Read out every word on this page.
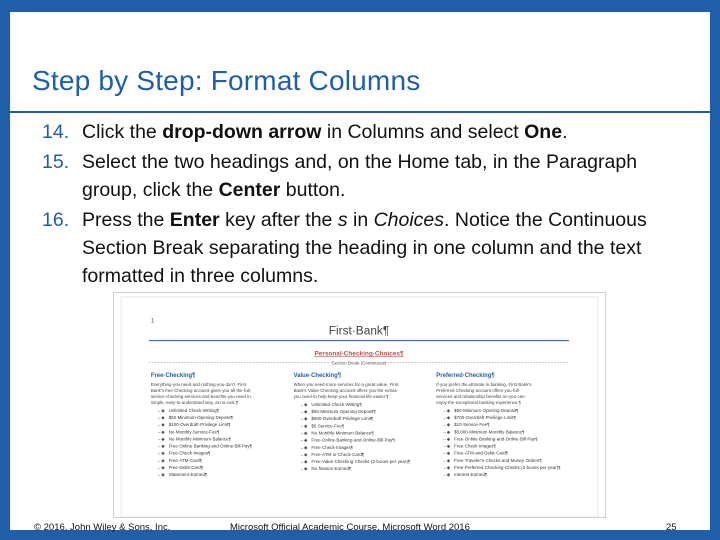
Step by Step: Format Columns
14. Click the drop-down arrow in Columns and select One.
15. Select the two headings and, on the Home tab, in the Paragraph group, click the Center button.
16. Press the Enter key after the s in Choices. Notice the Continuous Section Break separating the heading in one column and the text formatted in three columns.
1
First·Bank¶
Personal·Checking·Choices¶
Section Break (Continuous)
Free·Checking¶
Everything·you·need·and·nothing·you·don't.·First·
Bank's·free·Checking·account·gives·you·all·the·full-
service·checking·services·and·benefits·you·need·in·
simple,·easy-to-understand·way,·at·no·cost.¶
→◆ Unlimited·Check·Writing¶
→◆ $50·Minimum·Opening·Deposit¶
→◆ $100·Overdraft·Privilege·Limit¶
→◆ No·Monthly·Service·Fee¶
→◆ No·Monthly·Minimum·Balance¶
→◆ Free·Online·Banking·and·Online·Bill·Pay¶
→◆ Free·Check·Images¶
→◆ Free·ATM·Card¶
→◆ Free·Debit·Card¶
→◆ Statement·Earned¶
Value·Checking¶
When·you·need·more·services·for·a·great·value,·First·
Bank's·Value·Checking·account·offers·you·the·extras·
you·need·to·help·keep·your·financial·life·easier.¶
→◆ Unlimited·Check·Writing¶
→◆ $50·Minimum·Opening·Deposit¶
→◆ $500·Overdraft·Privilege·Limit¶
→◆ $6·Service·Fee¶
→◆ No·Monthly·Minimum·Balance¶
→◆ Free·Online·Banking·and·Online·Bill·Pay¶
→◆ Free·Check·Images¶
→◆ Free·ATM·or·Check·Card¶
→◆ Free·Value·Checking·Checks·(2·boxes·per·year)¶
→◆ No·finance·Earned¶
Preferred·Checking¶
If·you·prefer·the·ultimate·in·banking,·First·Bank's·
Preferred·Checking·account·offers·you·full-
services·and·relationship·benefits·so·you·can·
enjoy·the·exceptional·banking·experience.¶
→◆ $50·Minimum·Opening·Deposit¶
→◆ $700·Overdraft·Privilege·Limit¶
→◆ $10·Service·Fee¶
→◆ $5,000·Minimum·Monthly·Balance¶
→◆ Free·Online·Banking·and·Online·Bill·Pay¶
→◆ Free·Check·Images¶
→◆ Free·ATM·and·Debit·Card¶
→◆ Free·Traveler's·Checks·and·Money·Orders¶
→◆ Free·Preferred·Checking·Checks·(2·boxes·per·year)¶
→◆ Interest·Earned¶
© 2016, John Wiley & Sons, Inc.	Microsoft Official Academic Course, Microsoft Word 2016	25
